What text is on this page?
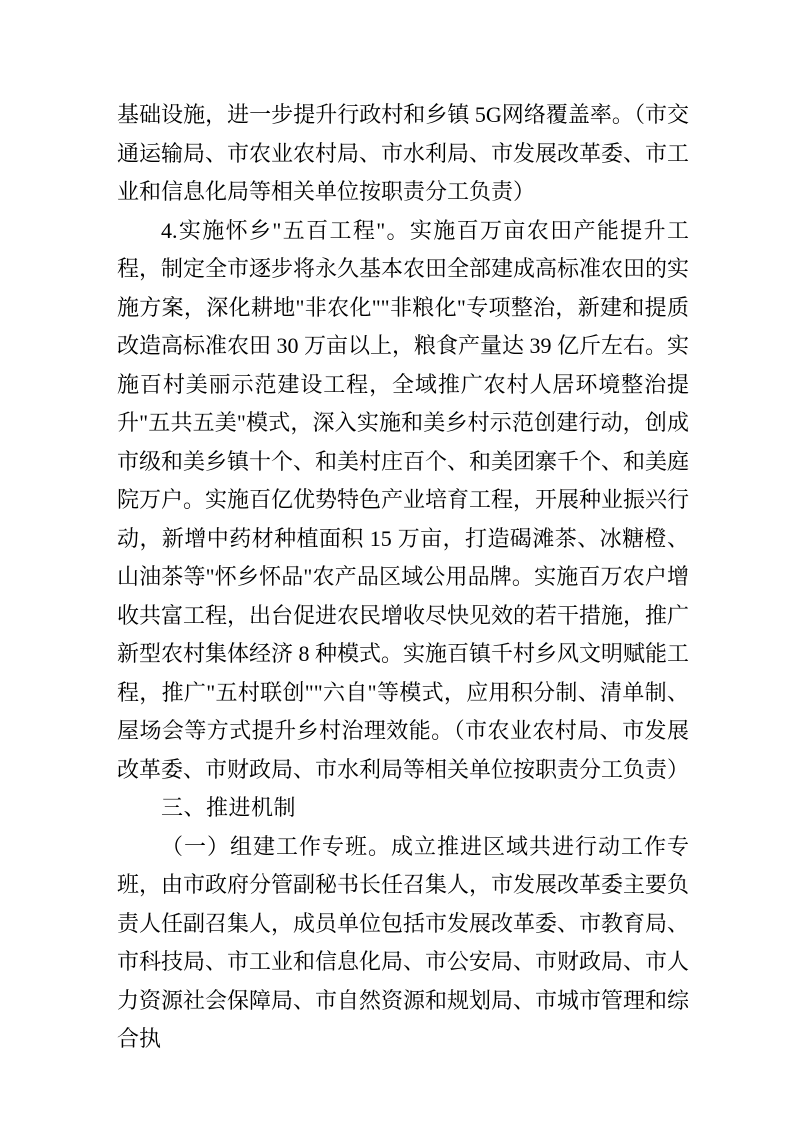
基础设施，进一步提升行政村和乡镇 5G网络覆盖率。（市交通运输局、市农业农村局、市水利局、市发展改革委、市工业和信息化局等相关单位按职责分工负责）

4.实施怀乡"五百工程"。实施百万亩农田产能提升工程，制定全市逐步将永久基本农田全部建成高标准农田的实施方案，深化耕地"非农化""非粮化"专项整治，新建和提质改造高标准农田 30 万亩以上，粮食产量达 39 亿斤左右。实施百村美丽示范建设工程，全域推广农村人居环境整治提升"五共五美"模式，深入实施和美乡村示范创建行动，创成市级和美乡镇十个、和美村庄百个、和美团寨千个、和美庭院万户。实施百亿优势特色产业培育工程，开展种业振兴行动，新增中药材种植面积 15 万亩，打造碣滩茶、冰糖橙、山油茶等"怀乡怀品"农产品区域公用品牌。实施百万农户增收共富工程，出台促进农民增收尽快见效的若干措施，推广新型农村集体经济 8 种模式。实施百镇千村乡风文明赋能工程，推广"五村联创""六自"等模式，应用积分制、清单制、屋场会等方式提升乡村治理效能。（市农业农村局、市发展改革委、市财政局、市水利局等相关单位按职责分工负责）

三、推进机制

（一）组建工作专班。成立推进区域共进行动工作专班，由市政府分管副秘书长任召集人，市发展改革委主要负责人任副召集人，成员单位包括市发展改革委、市教育局、市科技局、市工业和信息化局、市公安局、市财政局、市人力资源社会保障局、市自然资源和规划局、市城市管理和综合执
